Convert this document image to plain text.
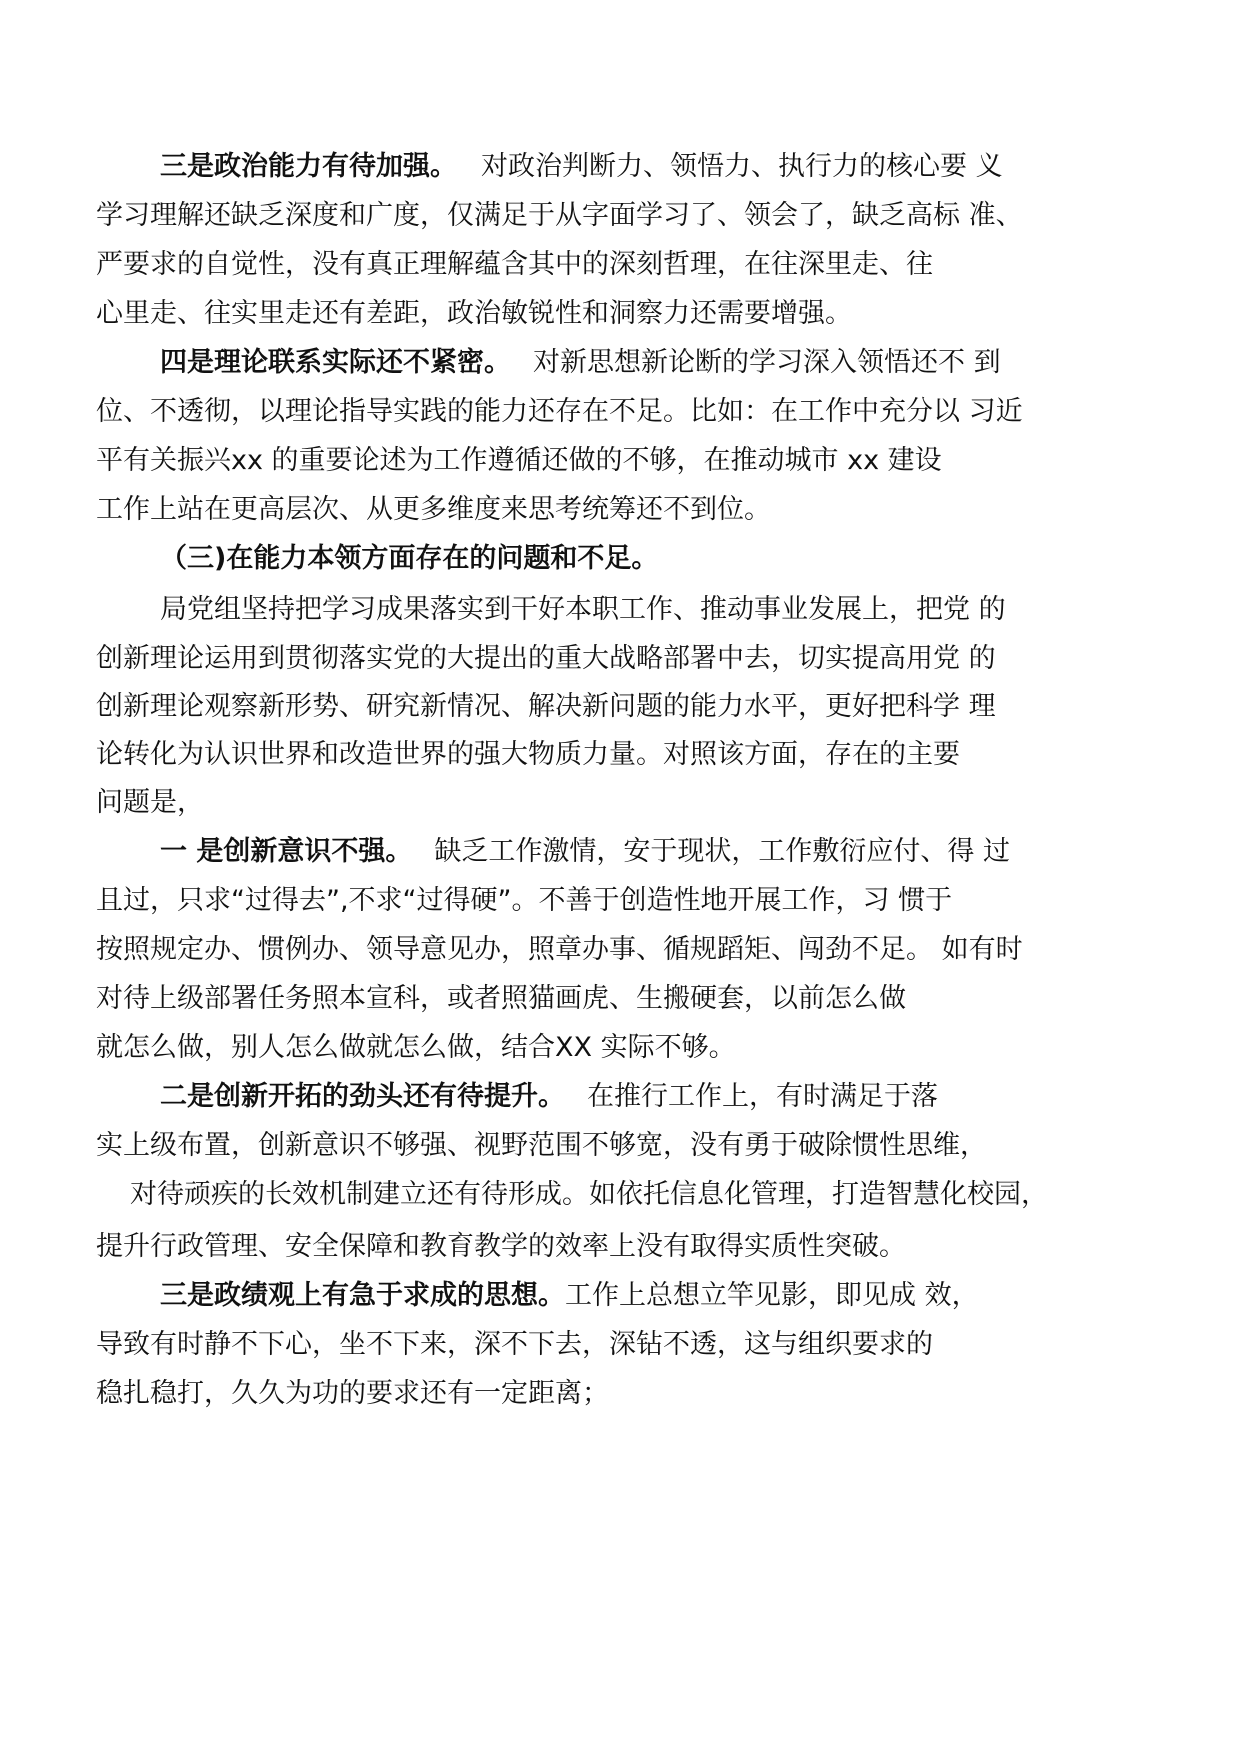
三是政治能力有待加强。 对政治判断力、领悟力、执行力的核心要 义
学习理解还缺乏深度和广度，仅满足于从字面学习了、领会了，缺乏高标 准、
严要求的自觉性，没有真正理解蕴含其中的深刻哲理，在往深里走、往
心里走、往实里走还有差距，政治敏锐性和洞察力还需要增强。
四是理论联系实际还不紧密。 对新思想新论断的学习深入领悟还不 到
位、不透彻，以理论指导实践的能力还存在不足。比如：在工作中充分以 习近
平有关振兴xx 的重要论述为工作遵循还做的不够，在推动城市 xx 建设
工作上站在更高层次、从更多维度来思考统筹还不到位。
（三)在能力本领方面存在的问题和不足。
局党组坚持把学习成果落实到干好本职工作、推动事业发展上，把党 的
创新理论运用到贯彻落实党的大提出的重大战略部署中去，切实提高用党 的
创新理论观察新形势、研究新情况、解决新问题的能力水平，更好把科学 理
论转化为认识世界和改造世界的强大物质力量。对照该方面，存在的主要
问题是，
一 是创新意识不强。 缺乏工作激情，安于现状，工作敷衍应付、得 过
且过，只求“过得去”,不求“过得硬”。不善于创造性地开展工作，习 惯于
按照规定办、惯例办、领导意见办，照章办事、循规蹈矩、闯劲不足。 如有时
对待上级部署任务照本宣科，或者照猫画虎、生搬硬套，以前怎么做
就怎么做，别人怎么做就怎么做，结合XX 实际不够。
二是创新开拓的劲头还有待提升。 在推行工作上，有时满足于落
实上级布置，创新意识不够强、视野范围不够宽，没有勇于破除惯性思维，
对待顽疾的长效机制建立还有待形成。如依托信息化管理，打造智慧化校园，
提升行政管理、安全保障和教育教学的效率上没有取得实质性突破。
三是政绩观上有急于求成的思想。工作上总想立竿见影，即见成 效，
导致有时静不下心，坐不下来，深不下去，深钻不透，这与组织要求的
稳扎稳打，久久为功的要求还有一定距离；
